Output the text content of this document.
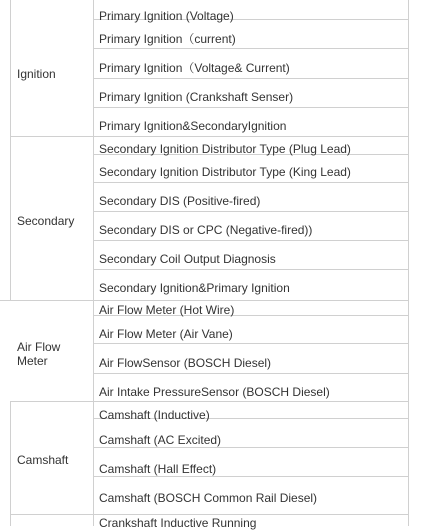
Ignition
Secondary
Air Flow
Meter
Camshaft
Primary Ignition (Voltage)
Primary Ignition（current)
Primary Ignition（Voltage& Current)
Primary Ignition (Crankshaft Senser)
Primary Ignition&SecondaryIgnition
Secondary Ignition Distributor Type (Plug Lead)
Secondary Ignition Distributor Type (King Lead)
Secondary DIS (Positive-fired)
Secondary DIS or CPC (Negative-fired))
Secondary Coil Output Diagnosis
Secondary Ignition&Primary Ignition
Air Flow Meter (Hot Wire)
Air Flow Meter (Air Vane)
Air FlowSensor (BOSCH Diesel)
Air Intake PressureSensor (BOSCH Diesel)
Camshaft (Inductive)
Camshaft (AC Excited)
Camshaft (Hall Effect)
Camshaft (BOSCH Common Rail Diesel)
Crankshaft Inductive Running
